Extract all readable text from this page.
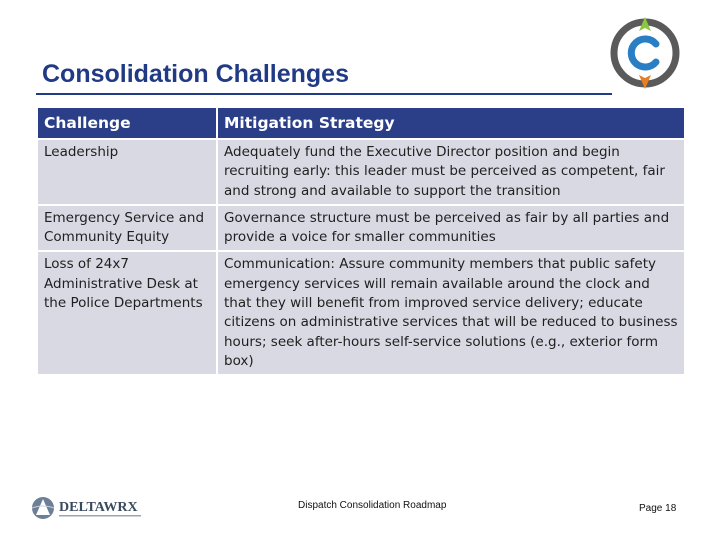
Consolidation Challenges
Challenge	Mitigation Strategy
Leadership	Adequately fund the Executive Director position and begin recruiting early: this leader must be perceived as competent, fair and strong and available to support the transition
Emergency Service and Community Equity	Governance structure must be perceived as fair by all parties and provide a voice for smaller communities
Loss of 24x7 Administrative Desk at the Police Departments	Communication: Assure community members that public safety emergency services will remain available around the clock and that they will benefit from improved service delivery; educate citizens on administrative services that will be reduced to business hours; seek after-hours self-service solutions (e.g., exterior form box)
DELTAWRX	Dispatch Consolidation Roadmap	Page 18
